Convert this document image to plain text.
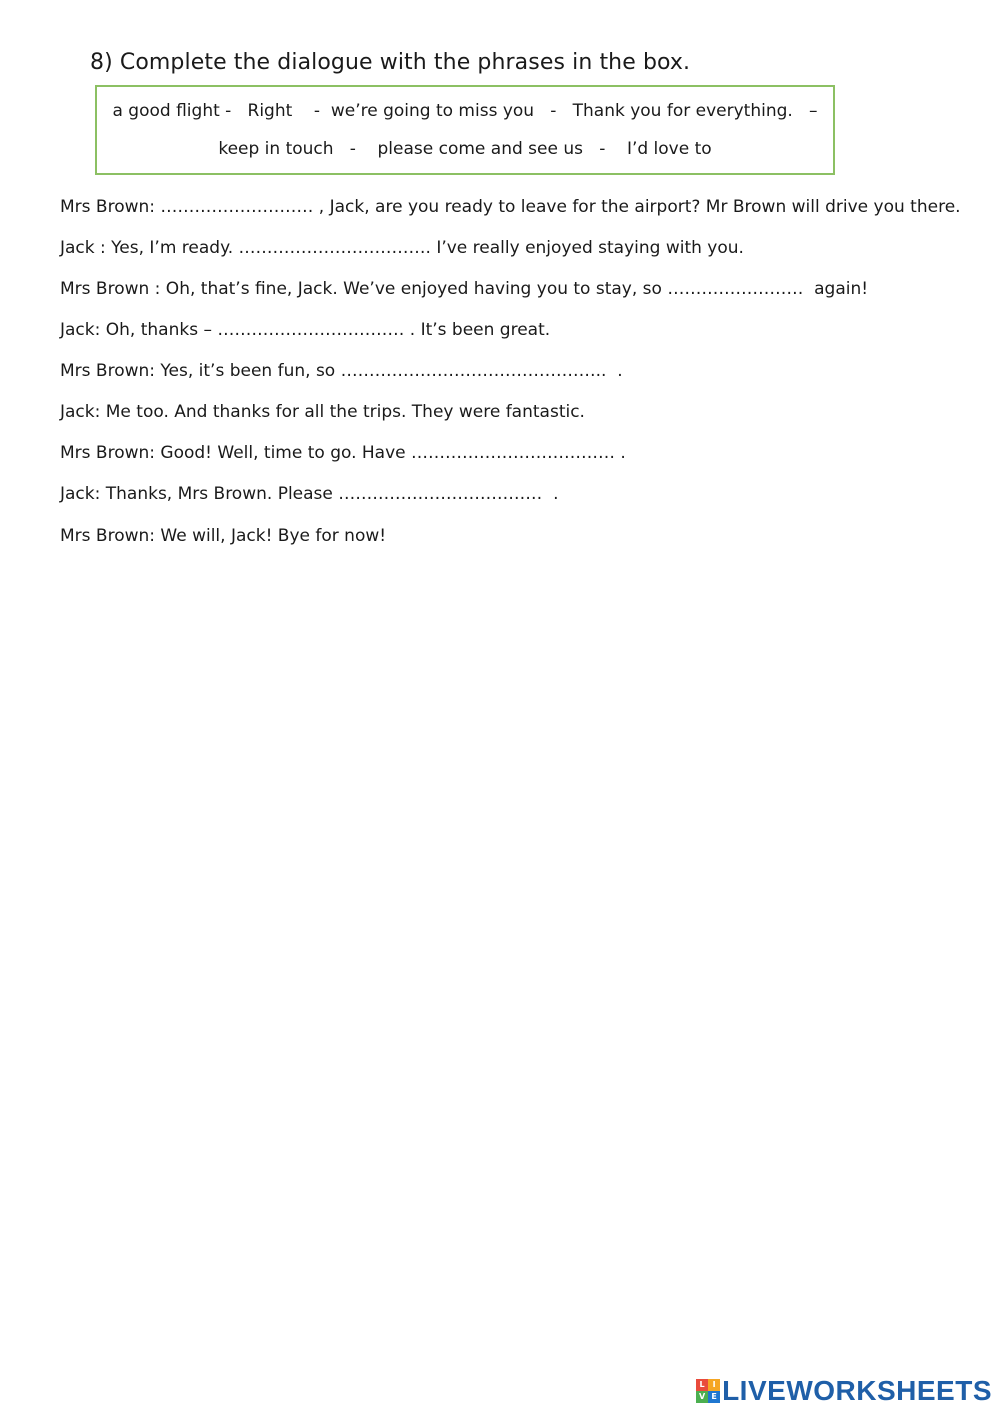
8) Complete the dialogue with the phrases in the box.
a good flight -   Right    -  we’re going to miss you   -   Thank you for everything.   –
keep in touch   -    please come and see us   -    I’d love to
Mrs Brown: ……………………… , Jack, are you ready to leave for the airport? Mr Brown will drive you there.
Jack : Yes, I’m ready. ……………………………. I’ve really enjoyed staying with you.
Mrs Brown : Oh, that’s fine, Jack. We’ve enjoyed having you to stay, so ……………………  again!
Jack: Oh, thanks – …………………………… . It’s been great.
Mrs Brown: Yes, it’s been fun, so ………………………………………..  .
Jack: Me too. And thanks for all the trips. They were fantastic.
Mrs Brown: Good! Well, time to go. Have ……………………………… .
Jack: Thanks, Mrs Brown. Please ………………………………  .
Mrs Brown: We will, Jack! Bye for now!
L I
V E LIVEWORKSHEETS
